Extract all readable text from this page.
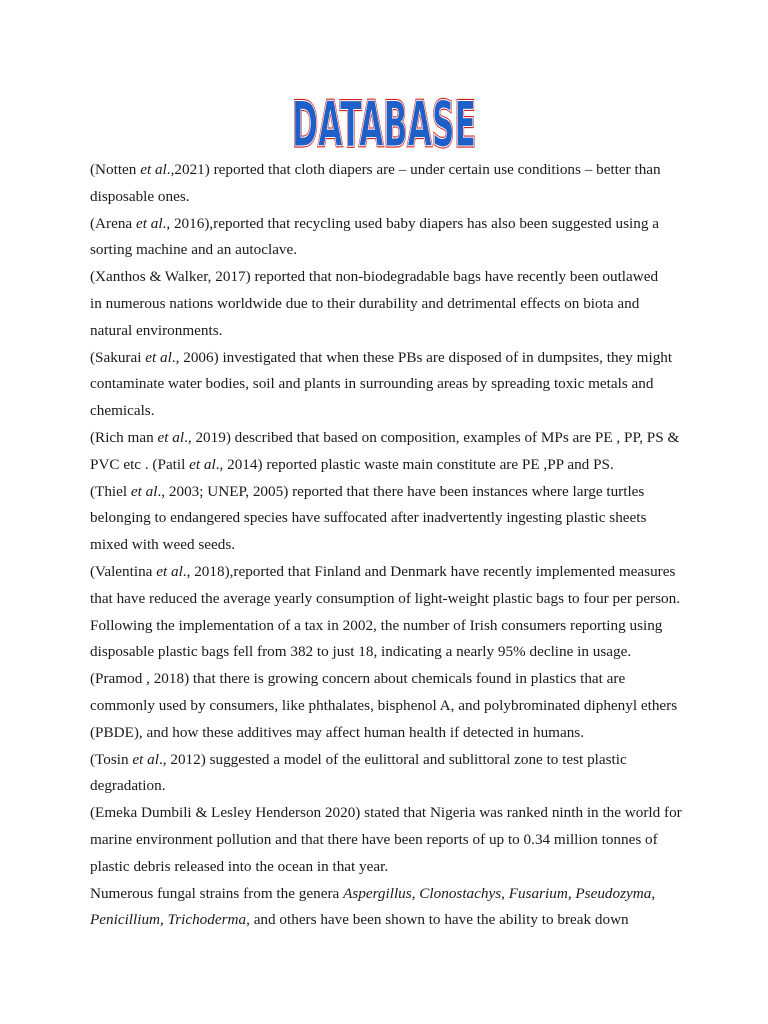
DATABASE
DATABASE

(Notten et al.,2021) reported that cloth diapers are – under certain use conditions – better than
disposable ones.

(Arena et al., 2016),reported that recycling used baby diapers has also been suggested using a
sorting machine and an autoclave.

(Xanthos & Walker, 2017) reported that non-biodegradable bags have recently been outlawed
in numerous nations worldwide due to their durability and detrimental effects on biota and
natural environments.

(Sakurai et al., 2006) investigated that when these PBs are disposed of in dumpsites, they might
contaminate water bodies, soil and plants in surrounding areas by spreading toxic metals and
chemicals.

(Rich man et al., 2019) described that based on composition, examples of MPs are PE , PP, PS &
PVC etc . (Patil et al., 2014) reported plastic waste main constitute are PE ,PP and PS.

(Thiel et al., 2003; UNEP, 2005) reported that there have been instances where large turtles
belonging to endangered species have suffocated after inadvertently ingesting plastic sheets
mixed with weed seeds.

(Valentina et al., 2018),reported that Finland and Denmark have recently implemented measures
that have reduced the average yearly consumption of light-weight plastic bags to four per person.
Following the implementation of a tax in 2002, the number of Irish consumers reporting using
disposable plastic bags fell from 382 to just 18, indicating a nearly 95% decline in usage.

(Pramod , 2018) that there is growing concern about chemicals found in plastics that are
commonly used by consumers, like phthalates, bisphenol A, and polybrominated diphenyl ethers
(PBDE), and how these additives may affect human health if detected in humans.

(Tosin et al., 2012) suggested a model of the eulittoral and sublittoral zone to test plastic
degradation.

(Emeka Dumbili & Lesley Henderson 2020) stated that Nigeria was ranked ninth in the world for
marine environment pollution and that there have been reports of up to 0.34 million tonnes of
plastic debris released into the ocean in that year.

Numerous fungal strains from the genera Aspergillus, Clonostachys, Fusarium, Pseudozyma,
Penicillium, Trichoderma, and others have been shown to have the ability to break down
